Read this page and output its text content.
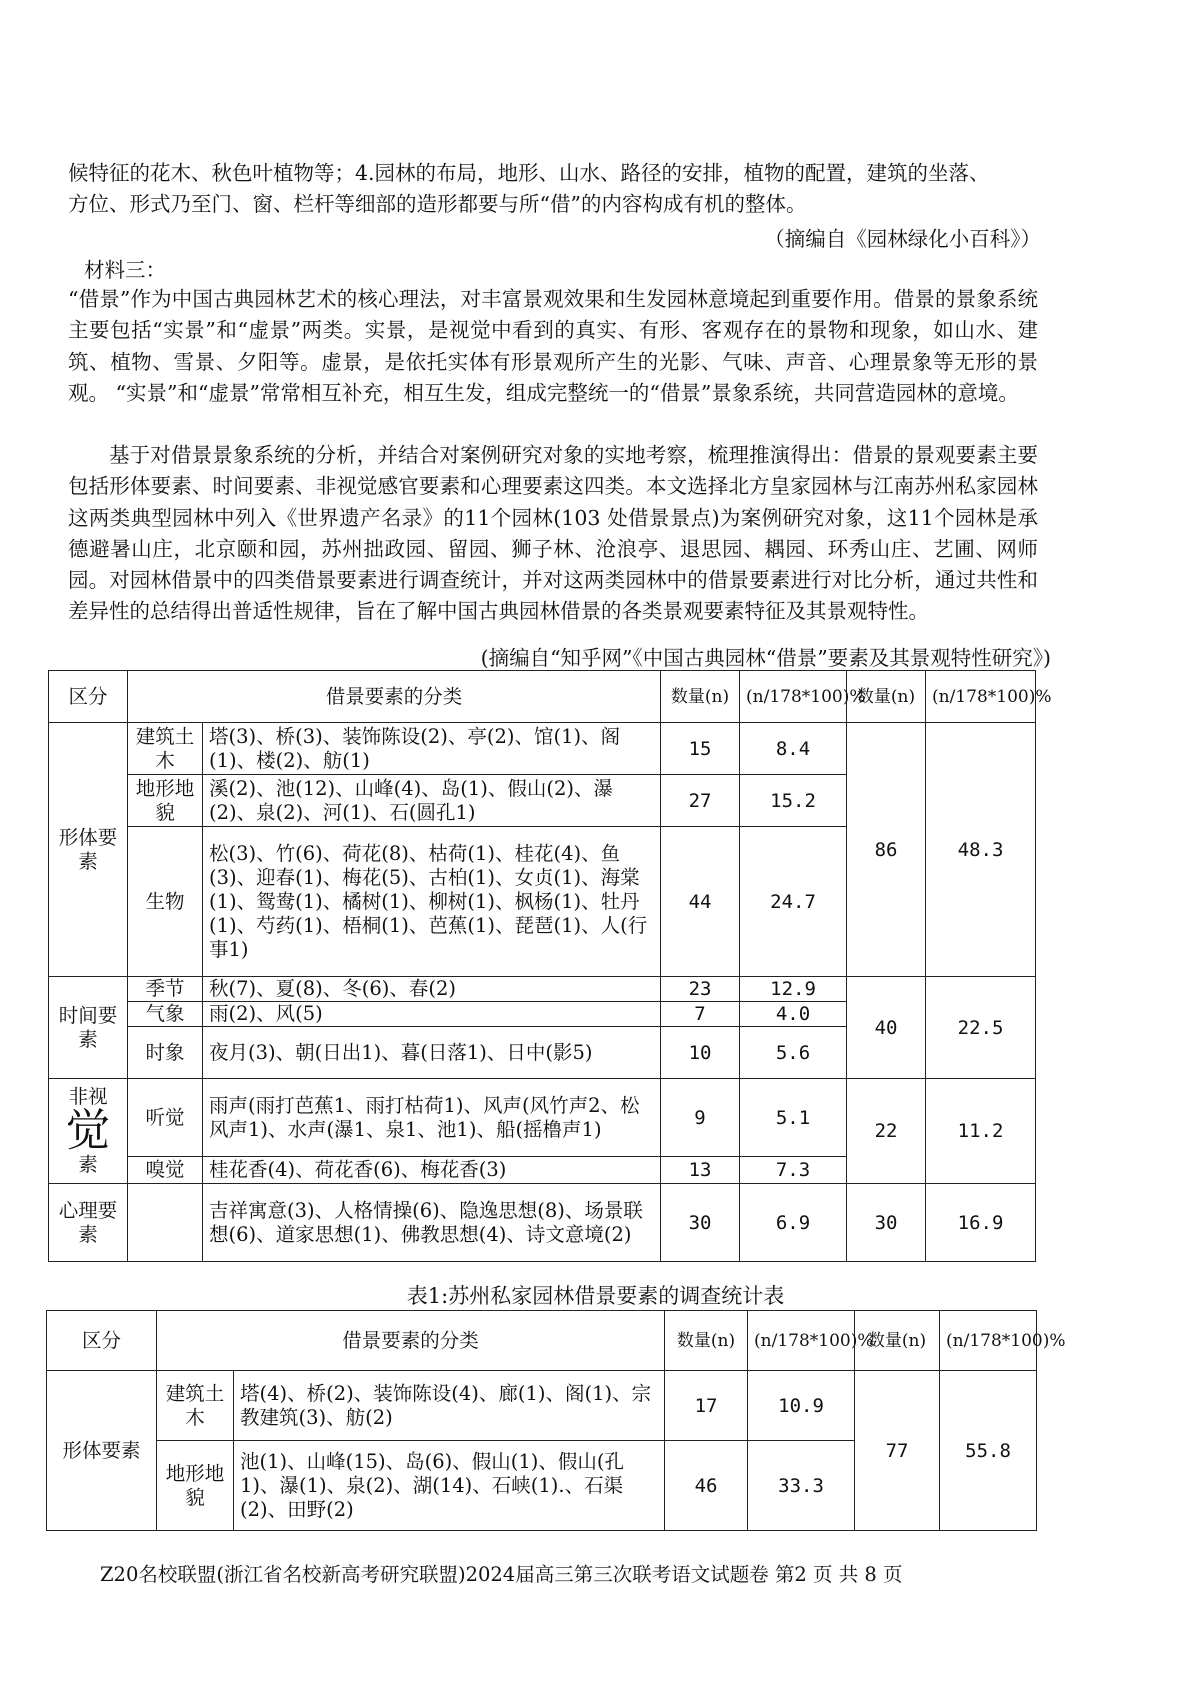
候特征的花木、秋色叶植物等；4.园林的布局，地形、山水、路径的安排，植物的配置，建筑的坐落、

方位、形式乃至门、窗、栏杆等细部的造形都要与所“借”的内容构成有机的整体。

（摘编自《园林绿化小百科》）

材料三：

“借景”作为中国古典园林艺术的核心理法，对丰富景观效果和生发园林意境起到重要作用。借景的景象系统主要包括“实景”和“虚景”两类。实景，是视觉中看到的真实、有形、客观存在的景物和现象，如山水、建筑、植物、雪景、夕阳等。虚景，是依托实体有形景观所产生的光影、气味、声音、心理景象等无形的景观。 “实景”和“虚景”常常相互补充，相互生发，组成完整统一的“借景”景象系统，共同营造园林的意境。

基于对借景景象系统的分析，并结合对案例研究对象的实地考察，梳理推演得出：借景的景观要素主要包括形体要素、时间要素、非视觉感官要素和心理要素这四类。本文选择北方皇家园林与江南苏州私家园林这两类典型园林中列入《世界遗产名录》的11个园林(103 处借景景点)为案例研究对象，这11个园林是承德避暑山庄，北京颐和园，苏州拙政园、留园、狮子林、沧浪亭、退思园、耦园、环秀山庄、艺圃、网师园。对园林借景中的四类借景要素进行调查统计，并对这两类园林中的借景要素进行对比分析，通过共性和差异性的总结得出普适性规律，旨在了解中国古典园林借景的各类景观要素特征及其景观特性。

(摘编自“知乎网”《中国古典园林“借景”要素及其景观特性研究》)

区分	借景要素的分类		数量(n)	(n/178*100)%	数量(n)	(n/178*100)%
形体要素	建筑土木	塔(3)、桥(3)、装饰陈设(2)、亭(2)、馆(1)、阁(1)、楼(2)、舫(1)	15	8.4	86	48.3
	地形地貌	溪(2)、池(12)、山峰(4)、岛(1)、假山(2)、瀑(2)、泉(2)、河(1)、石(圆孔1)	27	15.2		
	生物	松(3)、竹(6)、荷花(8)、枯荷(1)、桂花(4)、鱼(3)、迎春(1)、梅花(5)、古柏(1)、女贞(1)、海棠(1)、鸳鸯(1)、橘树(1)、柳树(1)、枫杨(1)、牡丹(1)、芍药(1)、梧桐(1)、芭蕉(1)、琵琶(1)、人(行事1)	44	24.7		
时间要素	季节	秋(7)、夏(8)、冬(6)、春(2)	23	12.9	40	22.5
	气象	雨(2)、风(5)	7	4.0		
	时象	夜月(3)、朝(日出1)、暮(日落1)、日中(影5)	10	5.6		
非视
觉
素	听觉	雨声(雨打芭蕉1、雨打枯荷1)、风声(风竹声2、松风声1)、水声(瀑1、泉1、池1)、船(摇橹声1)	9	5.1	22	11.2
	嗅觉	桂花香(4)、荷花香(6)、梅花香(3)	13	7.3		
心理要素		吉祥寓意(3)、人格情操(6)、隐逸思想(8)、场景联想(6)、道家思想(1)、佛教思想(4)、诗文意境(2)	30	6.9	30	16.9

表1:苏州私家园林借景要素的调查统计表

区分	借景要素的分类		数量(n)	(n/178*100)%	数量(n)	(n/178*100)%
形体要素	建筑土木	塔(4)、桥(2)、装饰陈设(4)、廊(1)、阁(1)、宗教建筑(3)、舫(2)	17	10.9	77	55.8
	地形地貌	池(1)、山峰(15)、岛(6)、假山(1)、假山(孔1)、瀑(1)、泉(2)、湖(14)、石峡(1).、石渠(2)、田野(2)	46	33.3		

Z20名校联盟(浙江省名校新高考研究联盟)2024届高三第三次联考语文试题卷 第2 页 共 8 页
